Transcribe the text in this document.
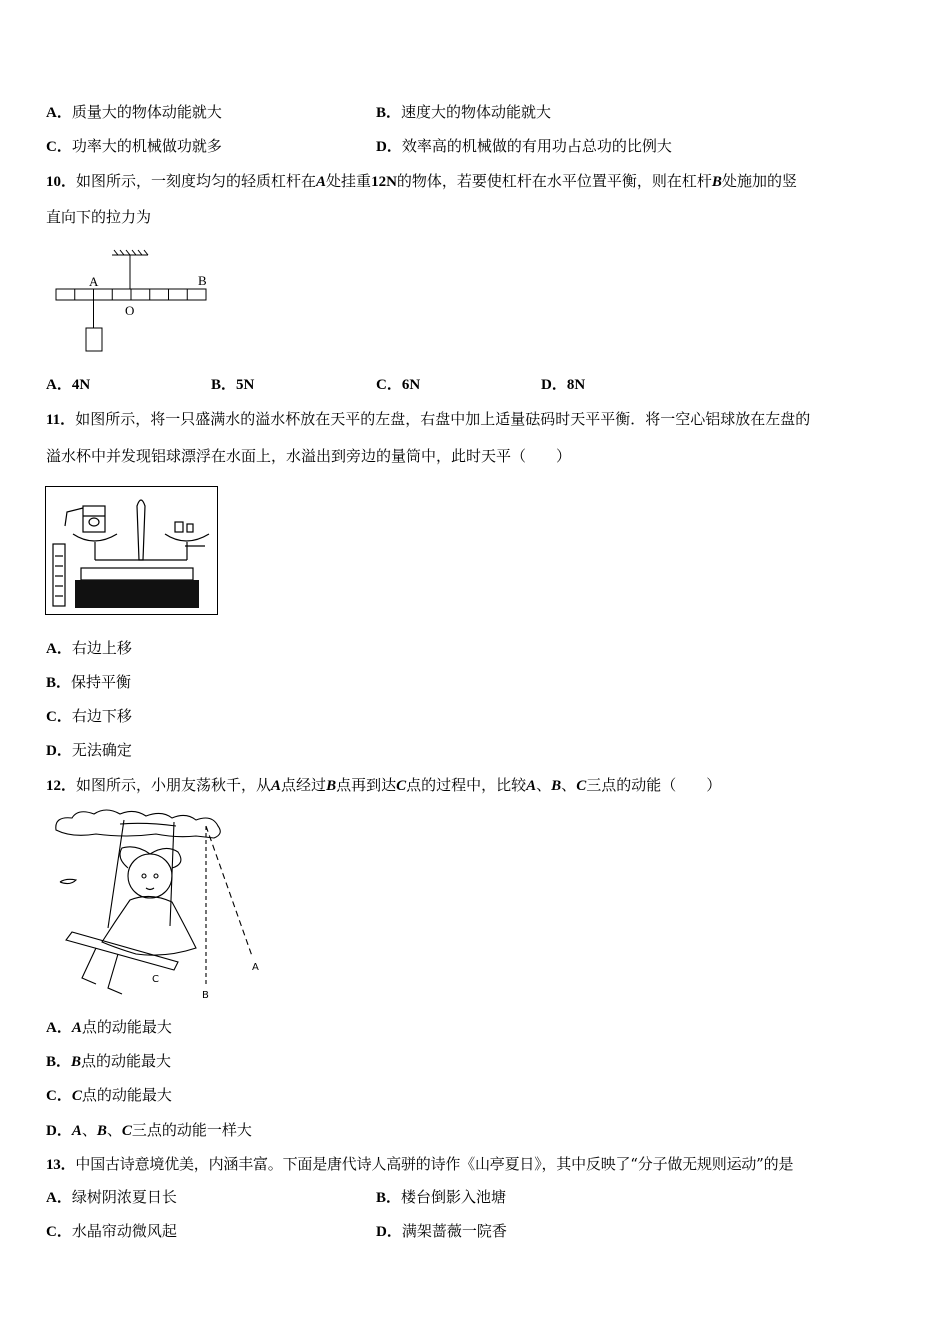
A．质量大的物体动能就大	B．速度大的物体动能就大
C．功率大的机械做功就多	D．效率高的机械做的有用功占总功的比例大
10．如图所示，一刻度均匀的轻质杠杆在A处挂重12N的物体，若要使杠杆在水平位置平衡，则在杠杆B处施加的竖
直向下的拉力为
A
O
B
A．4N	B．5N	C．6N	D．8N
11．如图所示，将一只盛满水的溢水杯放在天平的左盘，右盘中加上适量砝码时天平平衡．将一空心铝球放在左盘的
溢水杯中并发现铝球漂浮在水面上，水溢出到旁边的量筒中，此时天平（　　）
A．右边上移
B．保持平衡
C．右边下移
D．无法确定
12．如图所示，小朋友荡秋千，从A点经过B点再到达C点的过程中，比较A、B、C三点的动能（　　）
A
B
C
A．A点的动能最大
B．B点的动能最大
C．C点的动能最大
D．A、B、C三点的动能一样大
13．中国古诗意境优美，内涵丰富。下面是唐代诗人高骈的诗作《山亭夏日》，其中反映了“分子做无规则运动”的是
A．绿树阴浓夏日长	B．楼台倒影入池塘
C．水晶帘动微风起	D．满架蔷薇一院香
